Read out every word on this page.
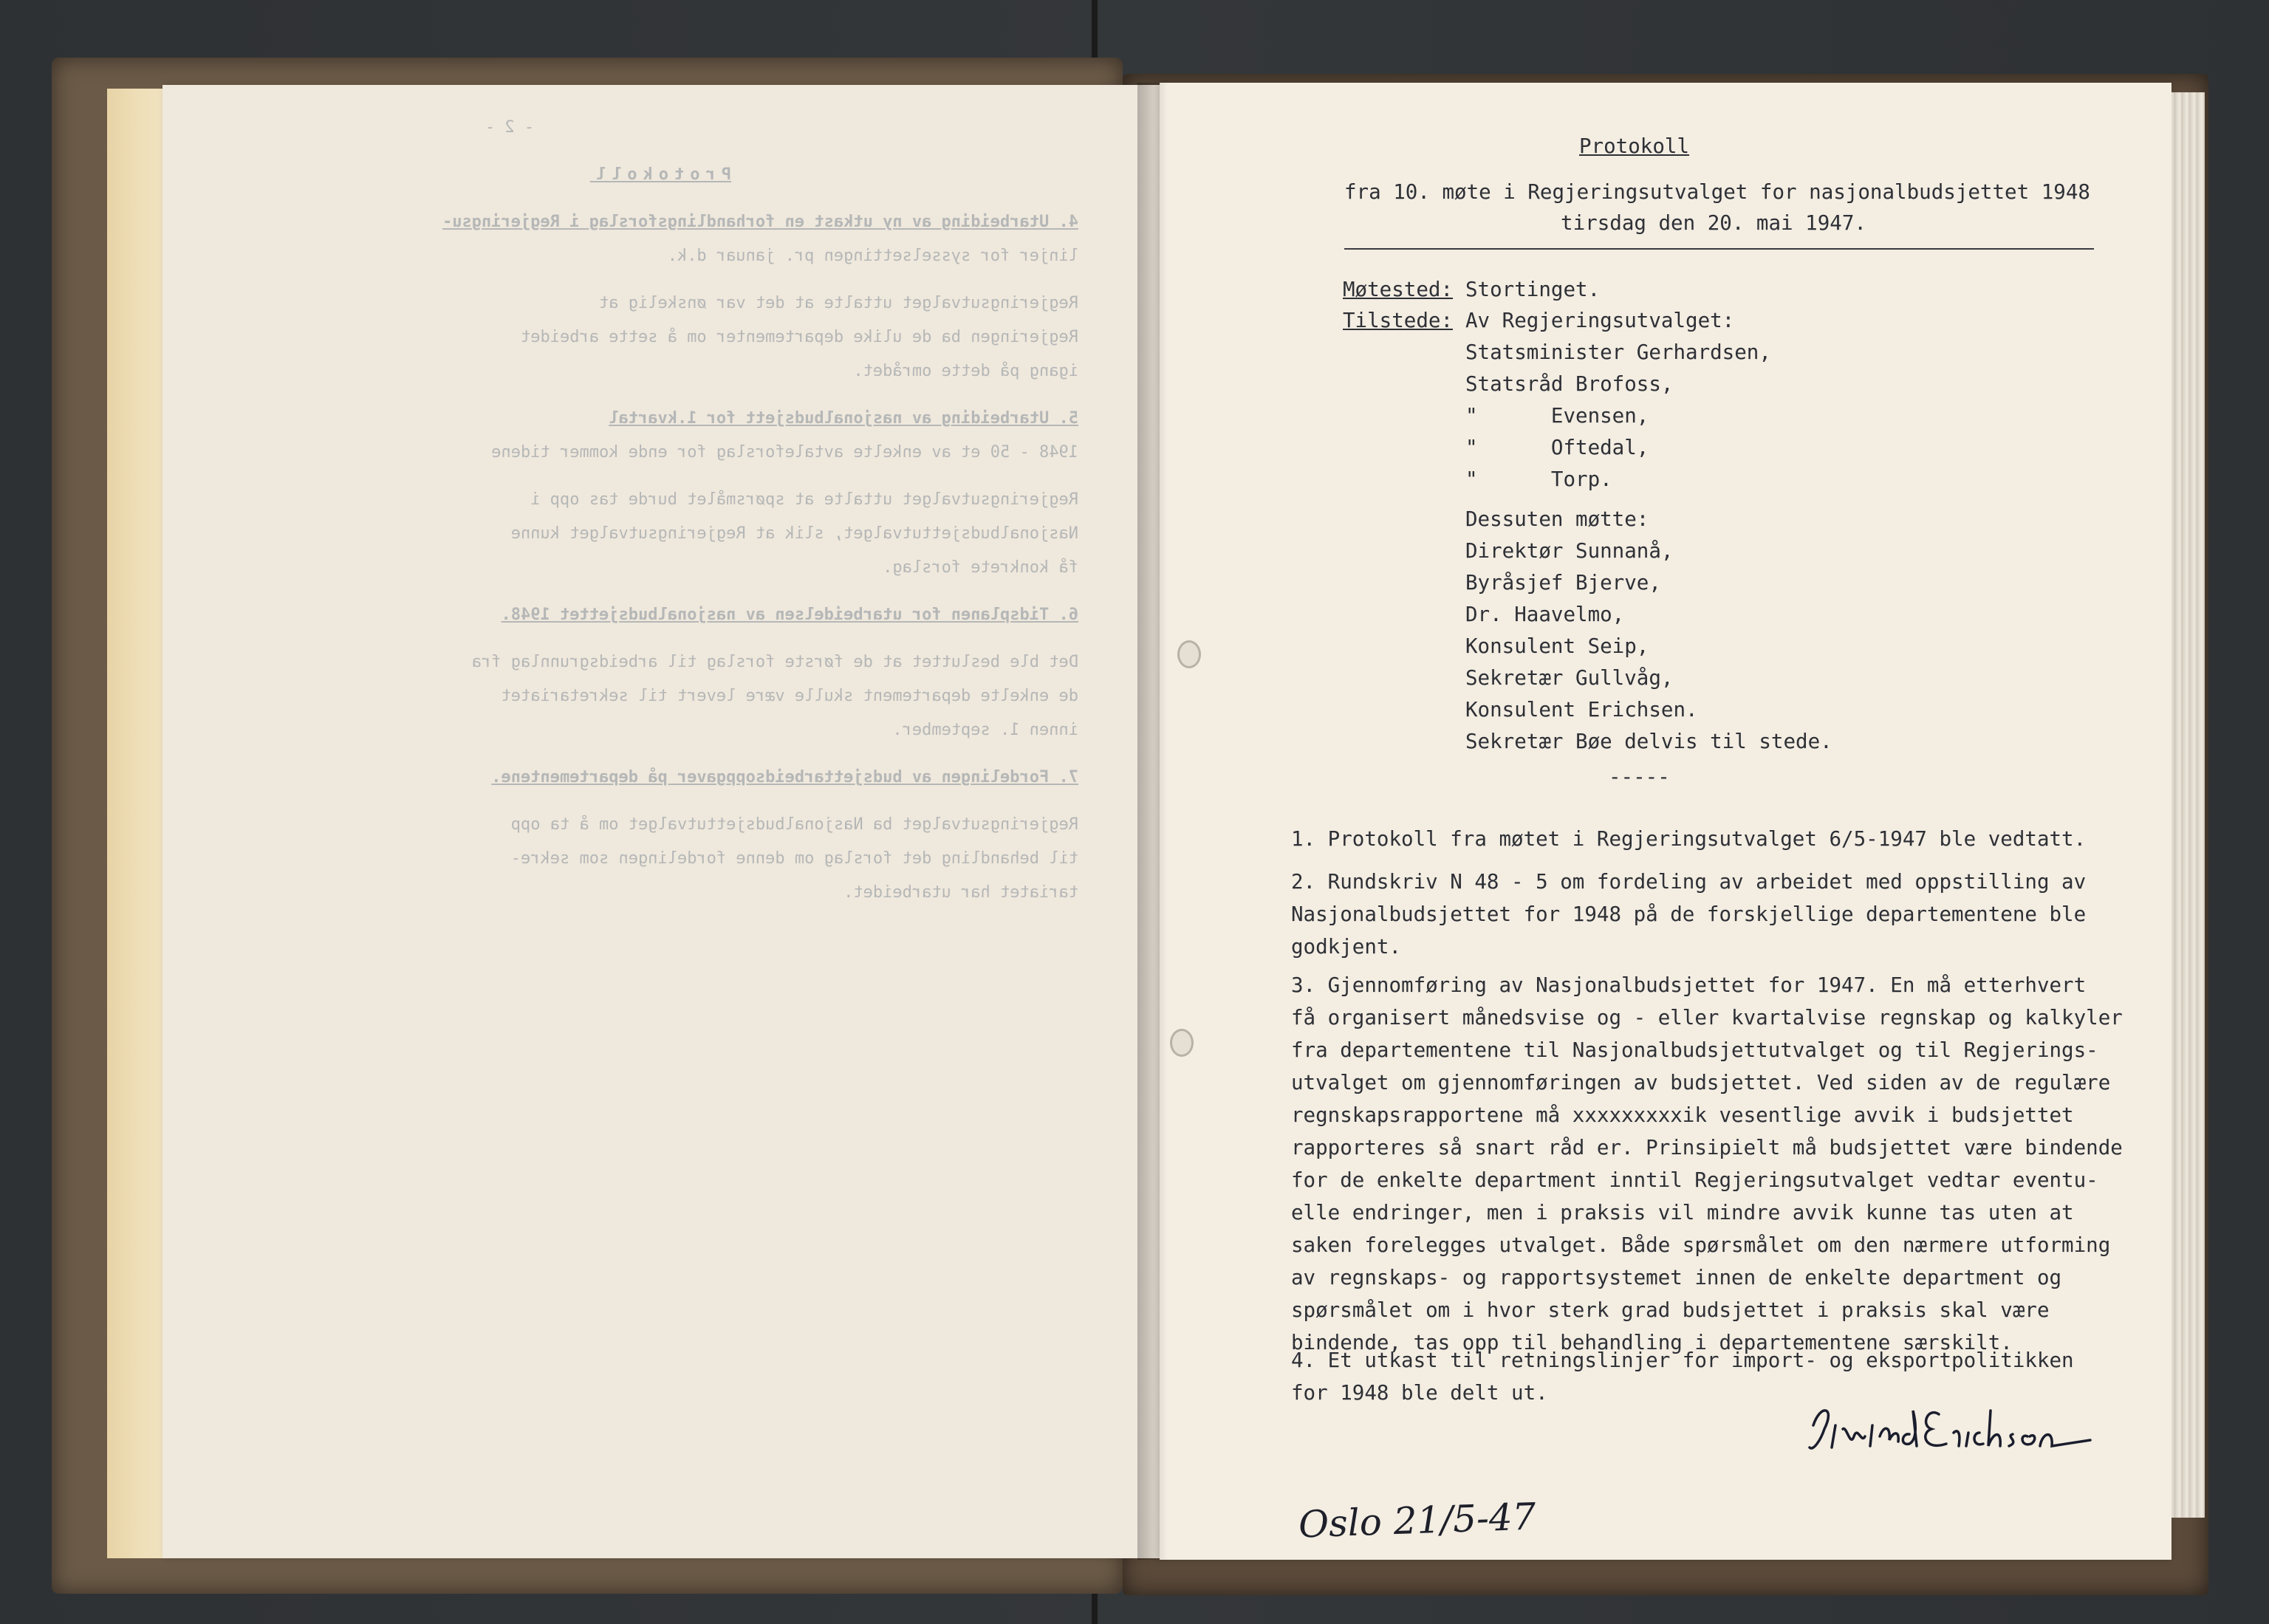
- 2 -

Protokoll

4. Utarbeiding av ny utkast en forhandlingsforslag i Regjeringsu-
linjer for sysselsettingen pr. januar d.k.

Regjeringsutvalget uttalte at det var ønskelig at
Regjeringen ba de ulike departementer om å sette arbeidet
igang på dette området.

5. Utarbeiding av nasjonalbudsjett for 1.kvartal
1948 - 50 et av enkelte avtaleforslag for ende kommer tidene

Regjeringsutvalget uttalte at spørsmålet burde tas opp i
Nasjonalbudsjettutvalget, slik at Regjeringsutvalget kunne
få konkrete forslag.

6. Tidsplanen for utarbeidelsen av nasjonalbudsjettet 1948.

Det ble besluttet at de første forslag til arbeidsgrunnlag fra
de enkelte departement skulle være levert til sekretariatet
innen 1. september.

7. Fordelingen av budsjettarbeidsoppgaver på departementene.

Regjeringsutvalget ba Nasjonalbudsjettutvalget om å ta opp
til behandling det forslag om denne fordelingen som sekre-
tariatet har utarbeidet.

Protokoll
fra 10. møte i Regjeringsutvalget for nasjonalbudsjettet 1948
tirsdag den 20. mai 1947.
Møtested: Stortinget.
Tilstede: Av Regjeringsutvalget:
Statsminister Gerhardsen,
Statsråd Brofoss,
"      Evensen,
"      Oftedal,
"      Torp.
Dessuten møtte:
Direktør Sunnanå,
Byråsjef Bjerve,
Dr. Haavelmo,
Konsulent Seip,
Sekretær Gullvåg,
Konsulent Erichsen.
Sekretær Bøe delvis til stede.
-----
1. Protokoll fra møtet i Regjeringsutvalget 6/5-1947 ble vedtatt.
2. Rundskriv N 48 - 5 om fordeling av arbeidet med oppstilling av
Nasjonalbudsjettet for 1948 på de forskjellige departementene ble
godkjent.
3. Gjennomføring av Nasjonalbudsjettet for 1947. En må etterhvert
få organisert månedsvise og - eller kvartalvise regnskap og kalkyler
fra departementene til Nasjonalbudsjettutvalget og til Regjerings-
utvalget om gjennomføringen av budsjettet. Ved siden av de regulære
regnskapsrapportene må xxxxxxxxxik vesentlige avvik i budsjettet
rapporteres så snart råd er. Prinsipielt må budsjettet være bindende
for de enkelte department inntil Regjeringsutvalget vedtar eventu-
elle endringer, men i praksis vil mindre avvik kunne tas uten at
saken forelegges utvalget. Både spørsmålet om den nærmere utforming
av regnskaps- og rapportsystemet innen de enkelte department og
spørsmålet om i hvor sterk grad budsjettet i praksis skal være
bindende, tas opp til behandling i departementene særskilt.
4. Et utkast til retningslinjer for import- og eksportpolitikken
for 1948 ble delt ut.
Oslo 21/5-47
